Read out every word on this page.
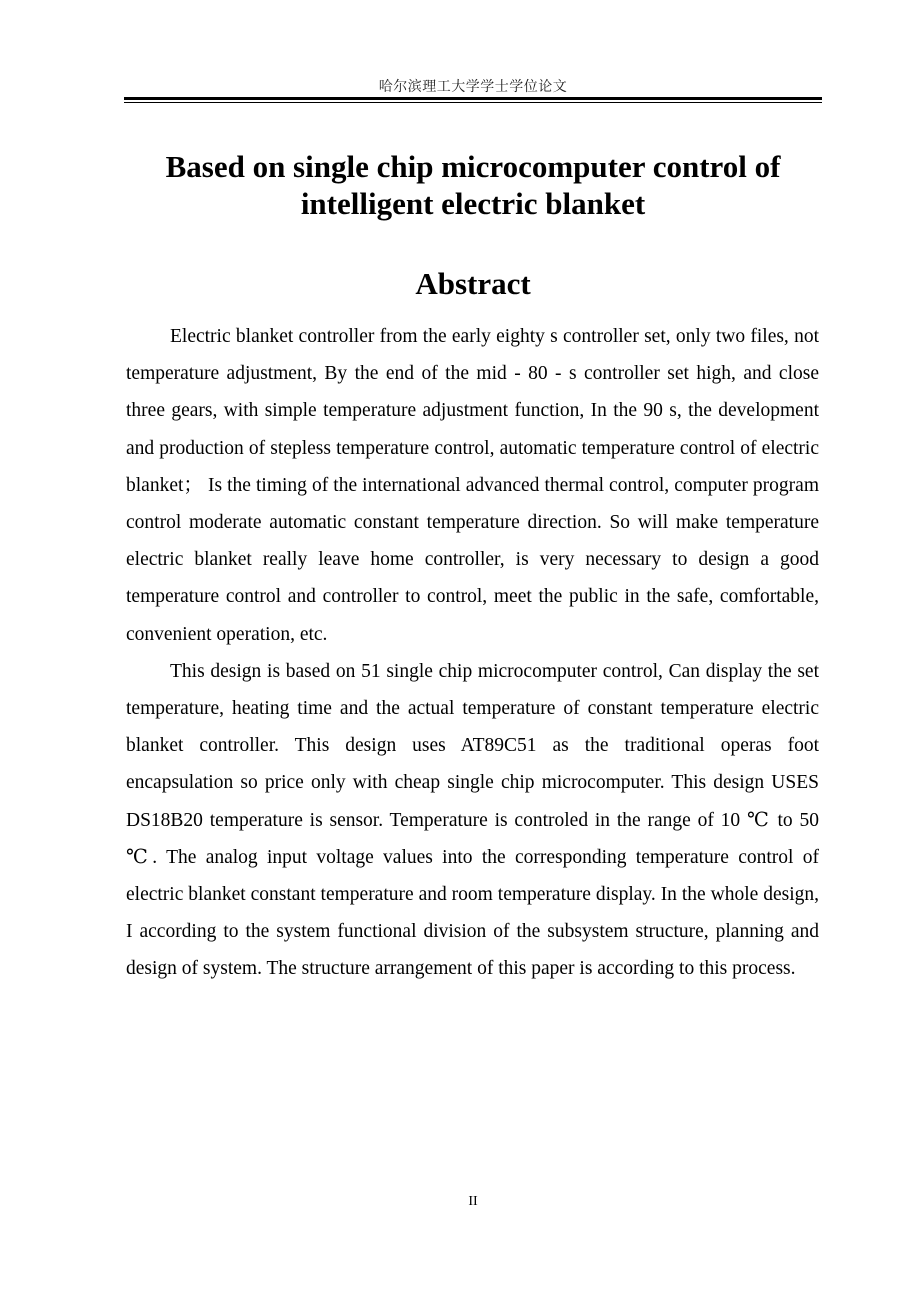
哈尔滨理工大学学士学位论文
Based on single chip microcomputer control of
intelligent electric blanket
Abstract

Electric blanket controller from the early eighty s controller set, only two files, not temperature adjustment, By the end of the mid - 80 - s controller set high, and close three gears, with simple temperature adjustment function, In the 90 s, the development and production of stepless temperature control, automatic temperature control of electric blanket； Is the timing of the international advanced thermal control, computer program control moderate automatic constant temperature direction. So will make temperature electric blanket really leave home controller, is very necessary to design a good temperature control and controller to control, meet the public in the safe, comfortable, convenient operation, etc.

This design is based on 51 single chip microcomputer control, Can display the set temperature, heating time and the actual temperature of constant temperature electric blanket controller. This design uses AT89C51 as the traditional operas foot encapsulation so price only with cheap single chip microcomputer. This design USES DS18B20 temperature is sensor. Temperature is controled in the range of 10 ℃ to 50 ℃. The analog input voltage values into the corresponding temperature control of electric blanket constant temperature and room temperature display. In the whole design, I according to the system functional division of the subsystem structure, planning and design of system. The structure arrangement of this paper is according to this process.

II
